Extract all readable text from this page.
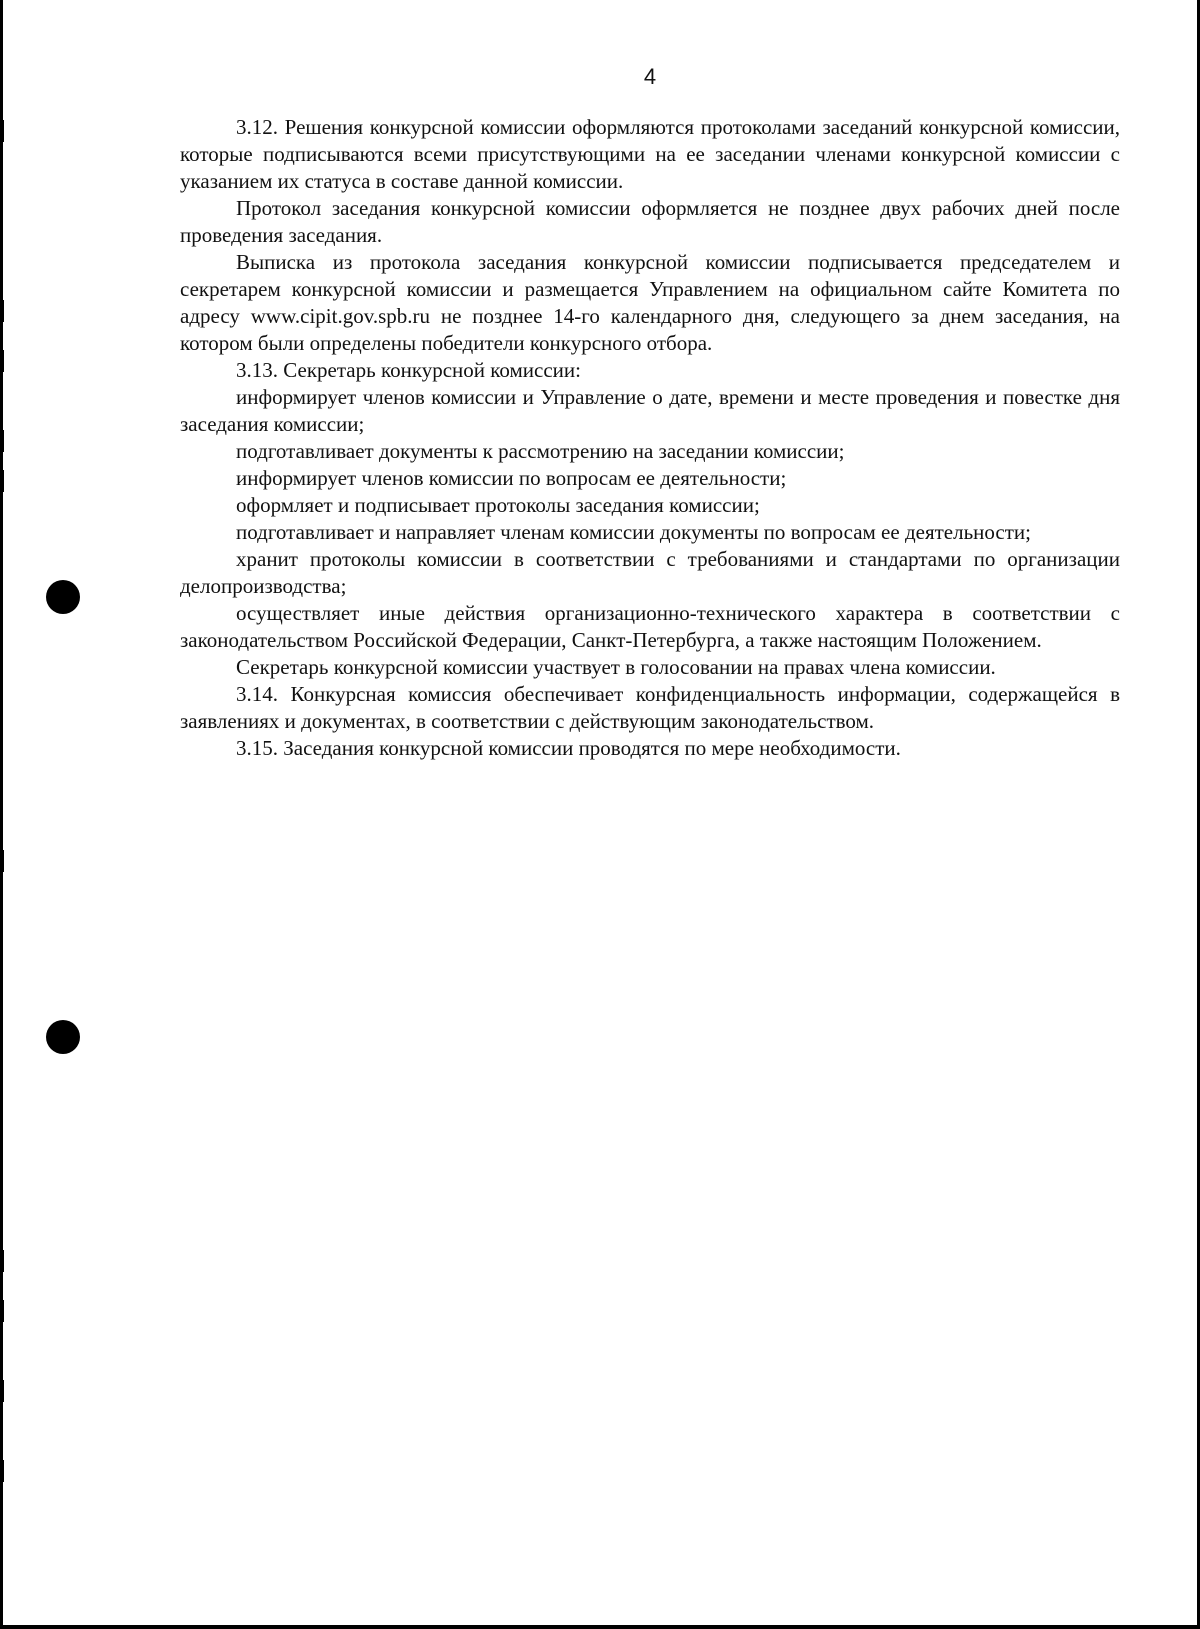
4

3.12. Решения конкурсной комиссии оформляются протоколами заседаний конкурсной комиссии, которые подписываются всеми присутствующими на ее заседании членами конкурсной комиссии с указанием их статуса в составе данной комиссии.

Протокол заседания конкурсной комиссии оформляется не позднее двух рабочих дней после проведения заседания.

Выписка из протокола заседания конкурсной комиссии подписывается председателем и секретарем конкурсной комиссии и размещается Управлением на официальном сайте Комитета по адресу www.cipit.gov.spb.ru не позднее 14-го календарного дня, следующего за днем заседания, на котором были определены победители конкурсного отбора.

3.13. Секретарь конкурсной комиссии:

информирует членов комиссии и Управление о дате, времени и месте проведения и повестке дня заседания комиссии;

подготавливает документы к рассмотрению на заседании комиссии;

информирует членов комиссии по вопросам ее деятельности;

оформляет и подписывает протоколы заседания комиссии;

подготавливает и направляет членам комиссии документы по вопросам ее деятельности;

хранит протоколы комиссии в соответствии с требованиями и стандартами по организации делопроизводства;

осуществляет иные действия организационно-технического характера в соответствии с законодательством Российской Федерации, Санкт-Петербурга, а также настоящим Положением.

Секретарь конкурсной комиссии участвует в голосовании на правах члена комиссии.

3.14. Конкурсная комиссия обеспечивает конфиденциальность информации, содержащейся в заявлениях и документах, в соответствии с действующим законодательством.

3.15. Заседания конкурсной комиссии проводятся по мере необходимости.
